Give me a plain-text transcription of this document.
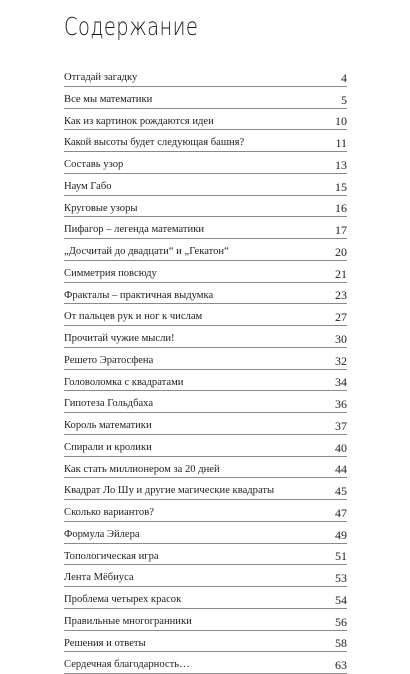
Содержание
Отгадай загадку	4
Все мы математики	5
Как из картинок рождаются идеи	10
Какой высоты будет следующая башня?	11
Составь узор	13
Наум Габо	15
Круговые узоры	16
Пифагор – легенда математики	17
„Досчитай до двадцати“ и „Гекатон“	20
Симметрия повсюду	21
Фракталы – практичная выдумка	23
От пальцев рук и ног к числам	27
Прочитай чужие мысли!	30
Решето Эратосфена	32
Головоломка с квадратами	34
Гипотеза Гольдбаха	36
Король математики	37
Спирали и кролики	40
Как стать миллионером за 20 дней	44
Квадрат Ло Шу и другие магические квадраты	45
Сколько вариантов?	47
Формула Эйлера	49
Топологическая игра	51
Лента Мёбиуса	53
Проблема четырех красок	54
Правильные многогранники	56
Решения и ответы	58
Сердечная благодарность…	63
